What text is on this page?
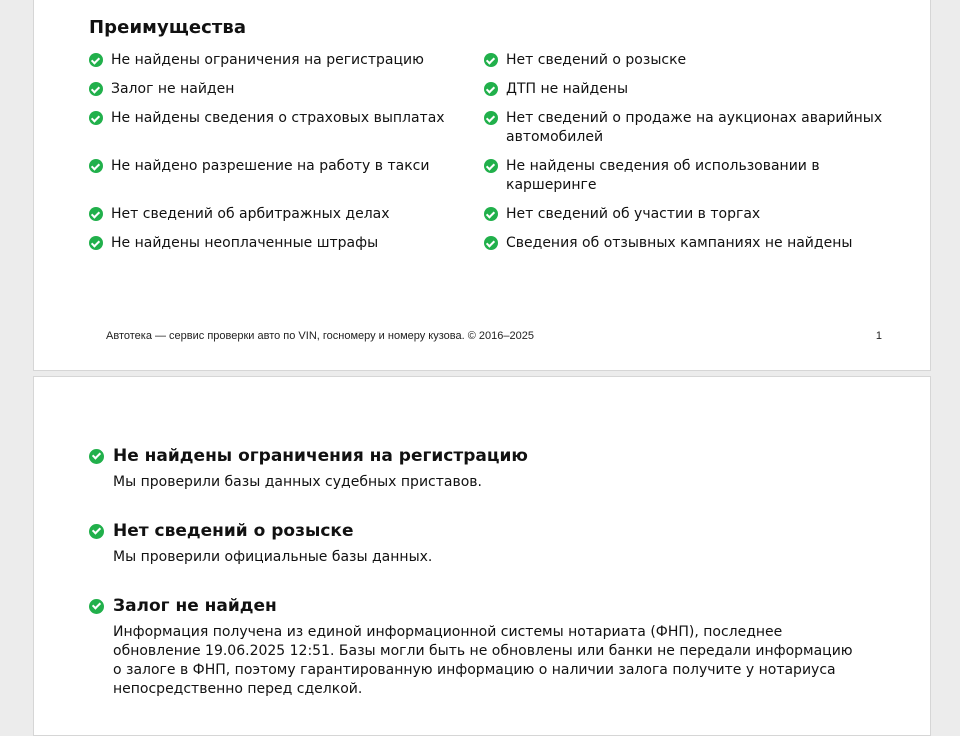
Преимущества
Не найдены ограничения на регистрацию	Нет сведений о розыске
Залог не найден	ДТП не найдены
Не найдены сведения о страховых выплатах	Нет сведений о продаже на аукционах аварийных автомобилей
Не найдено разрешение на работу в такси	Не найдены сведения об использовании в каршеринге
Нет сведений об арбитражных делах	Нет сведений об участии в торгах
Не найдены неоплаченные штрафы	Сведения об отзывных кампаниях не найдены
Автотека — сервис проверки авто по VIN, госномеру и номеру кузова. © 2016–2025	1
Не найдены ограничения на регистрацию

Мы проверили базы данных судебных приставов.

Нет сведений о розыске

Мы проверили официальные базы данных.

Залог не найден

Информация получена из единой информационной системы нотариата (ФНП), последнее обновление 19.06.2025 12:51. Базы могли быть не обновлены или банки не передали информацию о залоге в ФНП, поэтому гарантированную информацию о наличии залога получите у нотариуса непосредственно перед сделкой.
